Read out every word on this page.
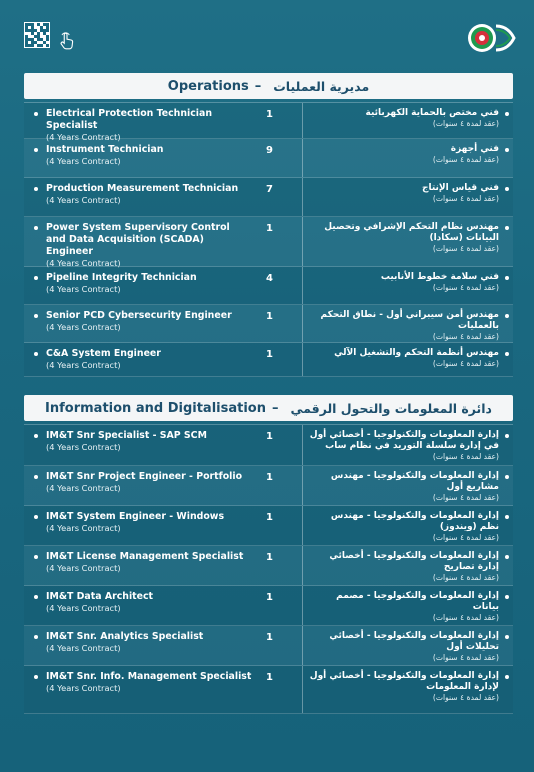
Operations – مديرية العمليات
Electrical Protection Technician Specialist
(4 Years Contract)
1	فني مختص بالحماية الكهربائية
(عقد لمدة ٤ سنوات)
Instrument Technician
(4 Years Contract)
9	فني أجهزة
(عقد لمدة ٤ سنوات)
Production Measurement Technician
(4 Years Contract)
7	فني قياس الإنتاج
(عقد لمدة ٤ سنوات)
Power System Supervisory Control and Data Acquisition (SCADA) Engineer
(4 Years Contract)
1	مهندس نظام التحكم الإشرافي وتحصيل البيانات (سكادا)
(عقد لمدة ٤ سنوات)
Pipeline Integrity Technician
(4 Years Contract)
4	فني سلامة خطوط الأنابيب
(عقد لمدة ٤ سنوات)
Senior PCD Cybersecurity Engineer
(4 Years Contract)
1	مهندس أمن سيبراني أول - نطاق التحكم بالعمليات
(عقد لمدة ٤ سنوات)
C&A System Engineer
(4 Years Contract)
1	مهندس أنظمة التحكم والتشغيل الآلي
(عقد لمدة ٤ سنوات)
Information and Digitalisation – دائرة المعلومات والتحول الرقمي
IM&T Snr Specialist - SAP SCM
(4 Years Contract)
1	إدارة المعلومات والتكنولوجيا - أخصائي أول في إدارة سلسلة التوريد في نظام ساب
(عقد لمدة ٤ سنوات)
IM&T Snr Project Engineer - Portfolio
(4 Years Contract)
1	إدارة المعلومات والتكنولوجيا - مهندس مشاريع أول
(عقد لمدة ٤ سنوات)
IM&T System Engineer - Windows
(4 Years Contract)
1	إدارة المعلومات والتكنولوجيا - مهندس نظم (ويندوز)
(عقد لمدة ٤ سنوات)
IM&T License Management Specialist
(4 Years Contract)
1	إدارة المعلومات والتكنولوجيا - أخصائي إدارة تصاريح
(عقد لمدة ٤ سنوات)
IM&T Data Architect
(4 Years Contract)
1	إدارة المعلومات والتكنولوجيا - مصمم بيانات
(عقد لمدة ٤ سنوات)
IM&T Snr. Analytics Specialist
(4 Years Contract)
1	إدارة المعلومات والتكنولوجيا - أخصائي تحليلات أول
(عقد لمدة ٤ سنوات)
IM&T Snr. Info. Management Specialist
(4 Years Contract)
1	إدارة المعلومات والتكنولوجيا - أخصائي أول لإدارة المعلومات
(عقد لمدة ٤ سنوات)
